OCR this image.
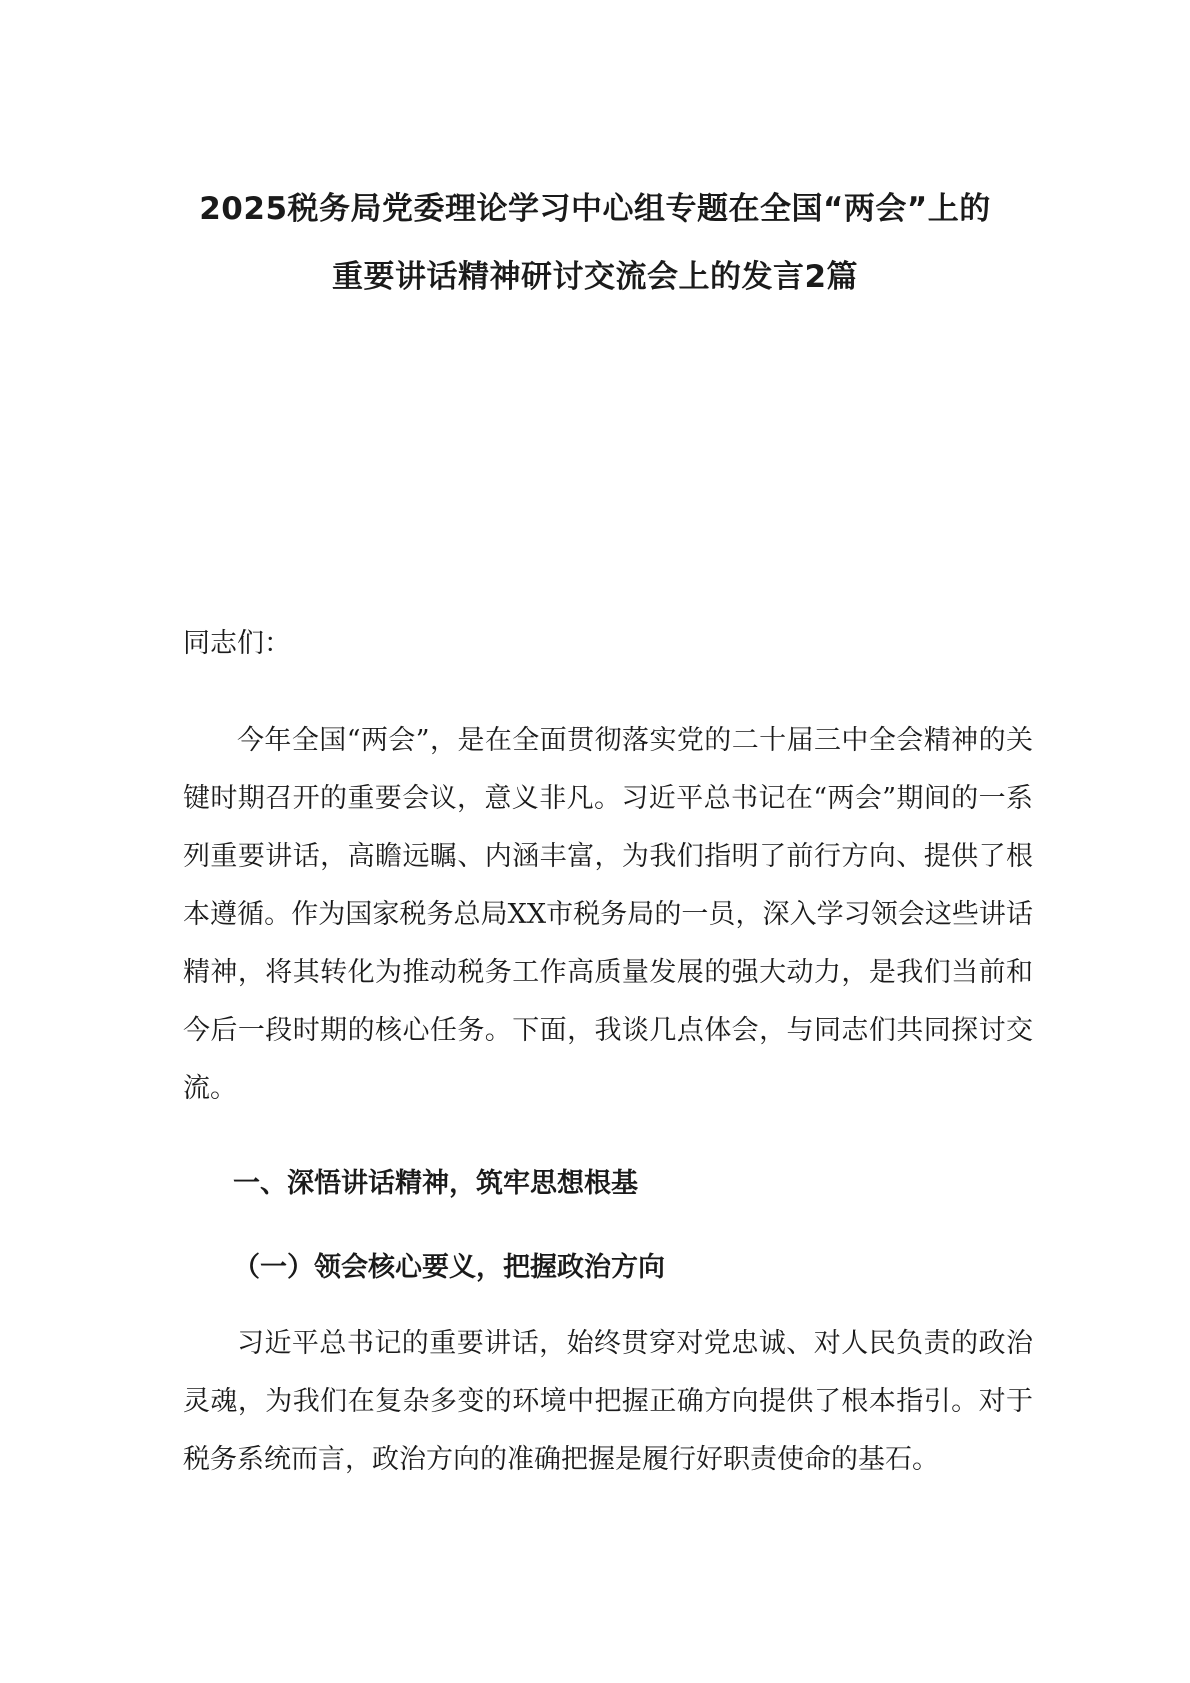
2025税务局党委理论学习中心组专题在全国“两会”上的
重要讲话精神研讨交流会上的发言2篇

同志们：

今年全国“两会”，是在全面贯彻落实党的二十届三中全会精神的关键时期召开的重要会议，意义非凡。习近平总书记在“两会”期间的一系列重要讲话，高瞻远瞩、内涵丰富，为我们指明了前行方向、提供了根本遵循。作为国家税务总局XX市税务局的一员，深入学习领会这些讲话精神，将其转化为推动税务工作高质量发展的强大动力，是我们当前和今后一段时期的核心任务。下面，我谈几点体会，与同志们共同探讨交流。

一、深悟讲话精神，筑牢思想根基
（一）领会核心要义，把握政治方向

习近平总书记的重要讲话，始终贯穿对党忠诚、对人民负责的政治灵魂，为我们在复杂多变的环境中把握正确方向提供了根本指引。对于税务系统而言，政治方向的准确把握是履行好职责使命的基石。
